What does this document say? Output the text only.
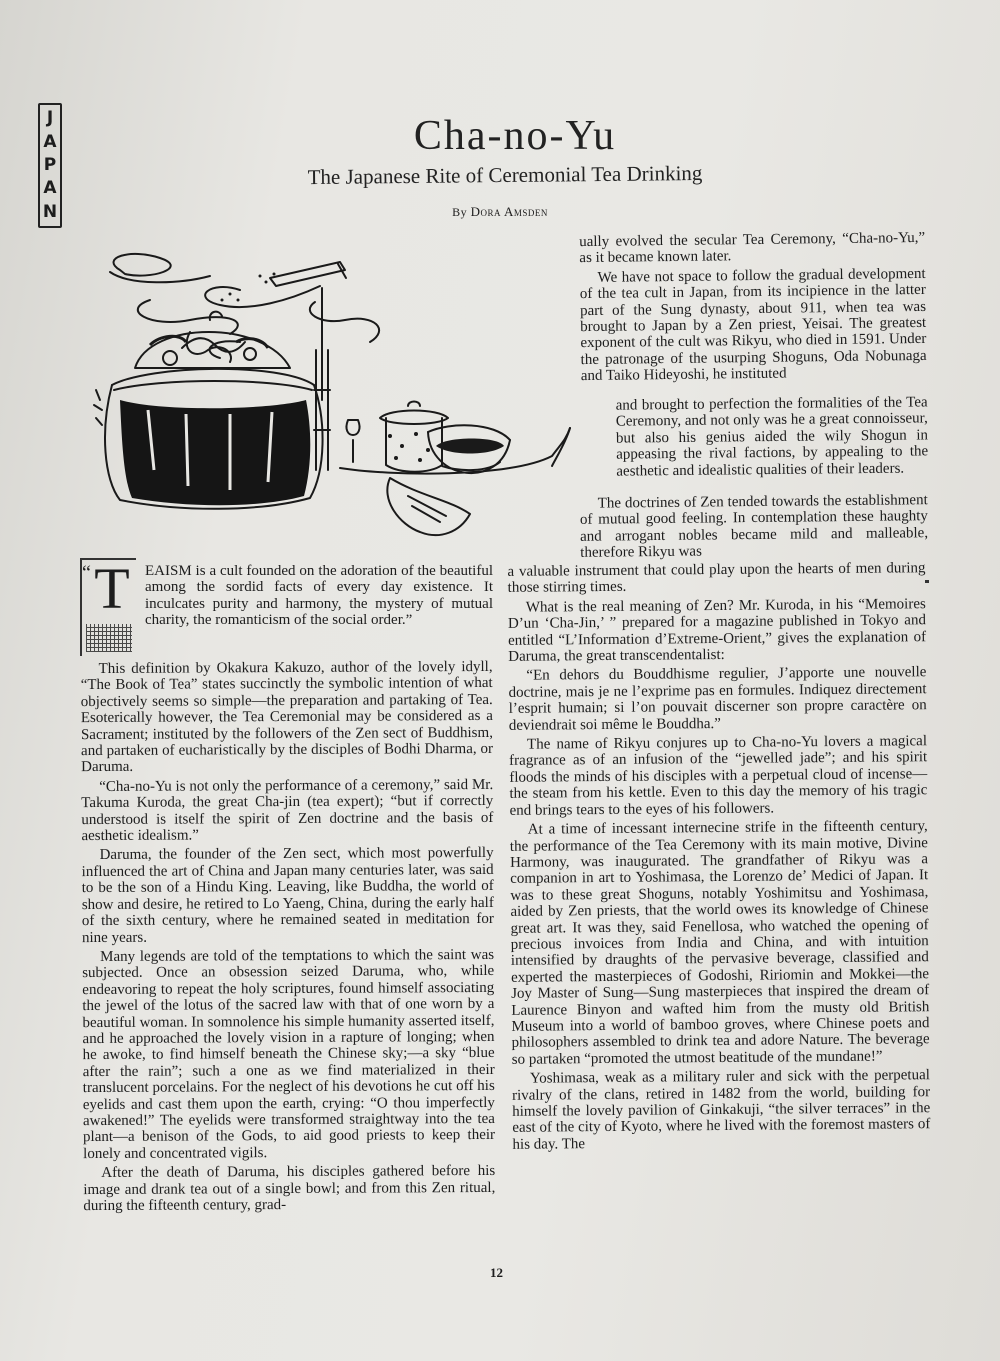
J
A
P
A
N
Cha-no-Yu
The Japanese Rite of Ceremonial Tea Drinking
By Dora Amsden

ually evolved the secular Tea Ceremony, “Cha-no-Yu,” as it became known later.

We have not space to follow the gradual development of the tea cult in Japan, from its incipience in the latter part of the Sung dynasty, about 911, when tea was brought to Japan by a Zen priest, Yeisai. The greatest exponent of the cult was Rikyu, who died in 1591. Under the patronage of the usurping Shoguns, Oda Nobunaga and Taiko Hideyoshi, he instituted

and brought to perfection the formalities of the Tea Ceremony, and not only was he a great connoisseur, but also his genius aided the wily Shogun in appeasing the rival factions, by appealing to the aesthetic and idealistic qualities of their leaders.

The doctrines of Zen tended towards the establishment of mutual good feeling. In contemplation these haughty and arrogant nobles became mild and malleable, therefore Rikyu was

“ T EAISM is a cult founded on the adoration of the beautiful among the sordid facts of every day existence. It inculcates purity and harmony, the mystery of mutual charity, the romanticism of the social order.”

This definition by Okakura Kakuzo, author of the lovely idyll, “The Book of Tea” states succinctly the symbolic intention of what objectively seems so simple—the preparation and partaking of Tea. Esoterically however, the Tea Ceremonial may be considered as a Sacrament; instituted by the followers of the Zen sect of Buddhism, and partaken of eucharistically by the disciples of Bodhi Dharma, or Daruma.

“Cha-no-Yu is not only the performance of a ceremony,” said Mr. Takuma Kuroda, the great Cha-jin (tea expert); “but if correctly understood is itself the spirit of Zen doctrine and the basis of aesthetic idealism.”

Daruma, the founder of the Zen sect, which most powerfully influenced the art of China and Japan many centuries later, was said to be the son of a Hindu King. Leaving, like Buddha, the world of show and desire, he retired to Lo Yaeng, China, during the early half of the sixth century, where he remained seated in meditation for nine years.

Many legends are told of the temptations to which the saint was subjected. Once an obsession seized Daruma, who, while endeavoring to repeat the holy scriptures, found himself associating the jewel of the lotus of the sacred law with that of one worn by a beautiful woman. In somnolence his simple humanity asserted itself, and he approached the lovely vision in a rapture of longing; when he awoke, to find himself beneath the Chinese sky;—a sky “blue after the rain”; such a one as we find materialized in their translucent porcelains. For the neglect of his devotions he cut off his eyelids and cast them upon the earth, crying: “O thou imperfectly awakened!” The eyelids were transformed straightway into the tea plant—a benison of the Gods, to aid good priests to keep their lonely and concentrated vigils.

After the death of Daruma, his disciples gathered before his image and drank tea out of a single bowl; and from this Zen ritual, during the fifteenth century, grad-

a valuable instrument that could play upon the hearts of men during those stirring times.

What is the real meaning of Zen? Mr. Kuroda, in his “Memoires D’un ‘Cha-Jin,’ ” prepared for a magazine published in Tokyo and entitled “L’Information d’Extreme-Orient,” gives the explanation of Daruma, the great transcendentalist:

“En dehors du Bouddhisme regulier, J’apporte une nouvelle doctrine, mais je ne l’exprime pas en formules. Indiquez directement l’esprit humain; si l’on pouvait discerner son propre caractère on deviendrait soi même le Bouddha.”

The name of Rikyu conjures up to Cha-no-Yu lovers a magical fragrance as of an infusion of the “jewelled jade”; and his spirit floods the minds of his disciples with a perpetual cloud of incense—the steam from his kettle. Even to this day the memory of his tragic end brings tears to the eyes of his followers.

At a time of incessant internecine strife in the fifteenth century, the performance of the Tea Ceremony with its main motive, Divine Harmony, was inaugurated. The grandfather of Rikyu was a companion in art to Yoshimasa, the Lorenzo de’ Medici of Japan. It was to these great Shoguns, notably Yoshimitsu and Yoshimasa, aided by Zen priests, that the world owes its knowledge of Chinese great art. It was they, said Fenellosa, who watched the opening of precious invoices from India and China, and with intuition intensified by draughts of the pervasive beverage, classified and experted the masterpieces of Godoshi, Ririomin and Mokkei—the Joy Master of Sung—Sung masterpieces that inspired the dream of Laurence Binyon and wafted him from the musty old British Museum into a world of bamboo groves, where Chinese poets and philosophers assembled to drink tea and adore Nature. The beverage so partaken “promoted the utmost beatitude of the mundane!”

Yoshimasa, weak as a military ruler and sick with the perpetual rivalry of the clans, retired in 1482 from the world, building for himself the lovely pavilion of Ginkakuji, “the silver terraces” in the east of the city of Kyoto, where he lived with the foremost masters of his day. The

12
